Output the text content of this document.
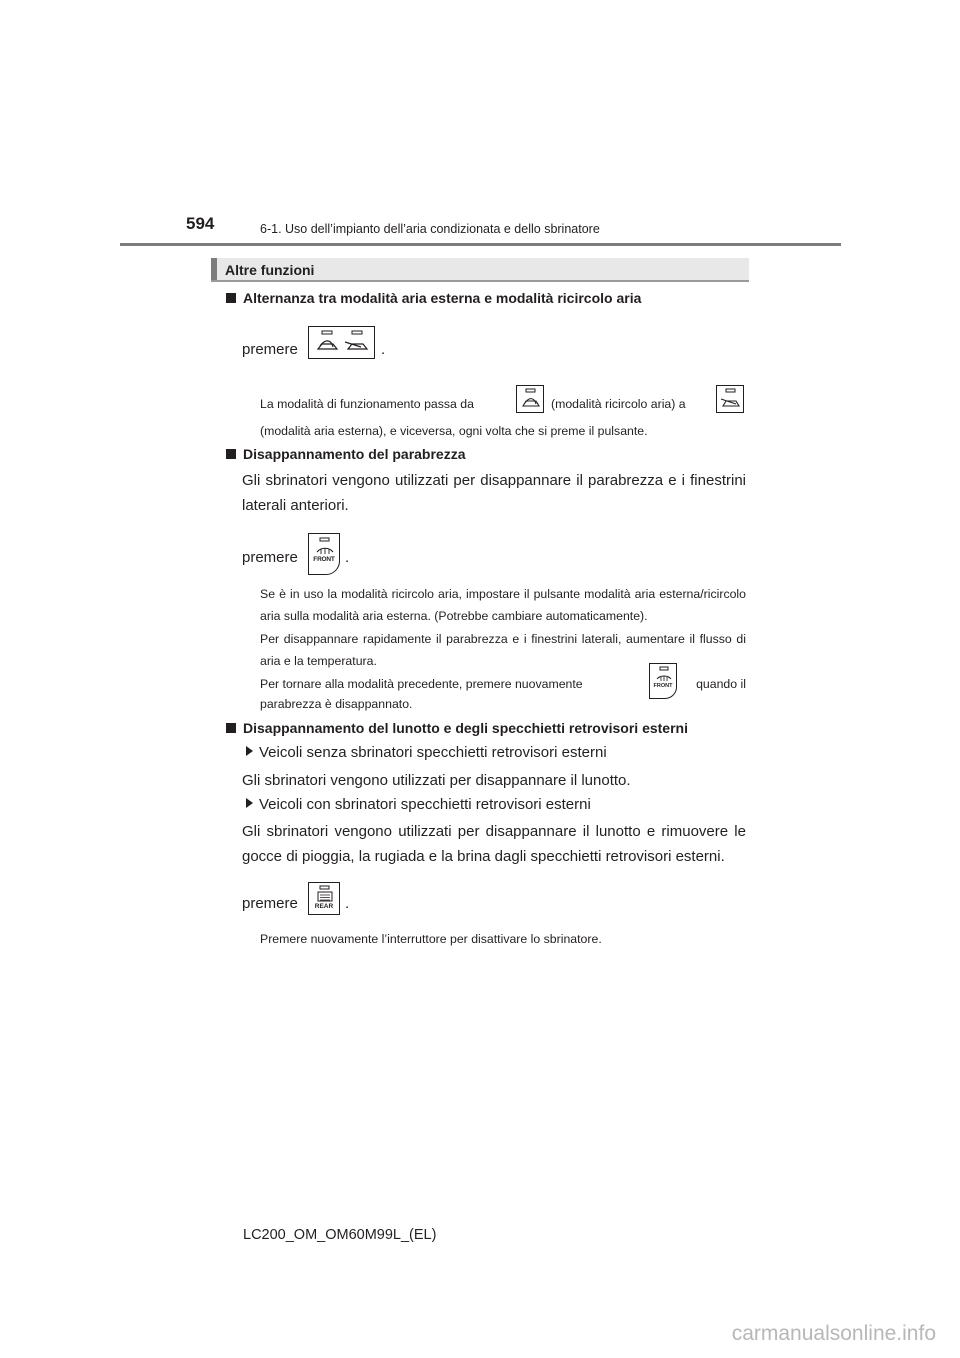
594	6-1. Uso dell’impianto dell’aria condizionata e dello sbrinatore
Altre funzioni
Alternanza tra modalità aria esterna e modalità ricircolo aria
premere	.
La modalità di funzionamento passa da	(modalità ricircolo aria) a
(modalità aria esterna), e viceversa, ogni volta che si preme il pulsante.
Disappannamento del parabrezza
Gli sbrinatori vengono utilizzati per disappannare il parabrezza e i finestrini laterali anteriori.
premere	FRONT .
Se è in uso la modalità ricircolo aria, impostare il pulsante modalità aria esterna/ricircolo aria sulla modalità aria esterna. (Potrebbe cambiare automaticamente).
Per disappannare rapidamente il parabrezza e i finestrini laterali, aumentare il flusso di aria e la temperatura.
Per tornare alla modalità precedente, premere nuovamente	FRONT	quando il
parabrezza è disappannato.
Disappannamento del lunotto e degli specchietti retrovisori esterni
Veicoli senza sbrinatori specchietti retrovisori esterni
Gli sbrinatori vengono utilizzati per disappannare il lunotto.
Veicoli con sbrinatori specchietti retrovisori esterni
Gli sbrinatori vengono utilizzati per disappannare il lunotto e rimuovere le gocce di pioggia, la rugiada e la brina dagli specchietti retrovisori esterni.
premere	REAR .
Premere nuovamente l’interruttore per disattivare lo sbrinatore.
LC200_OM_OM60M99L_(EL)
carmanualsonline.info
